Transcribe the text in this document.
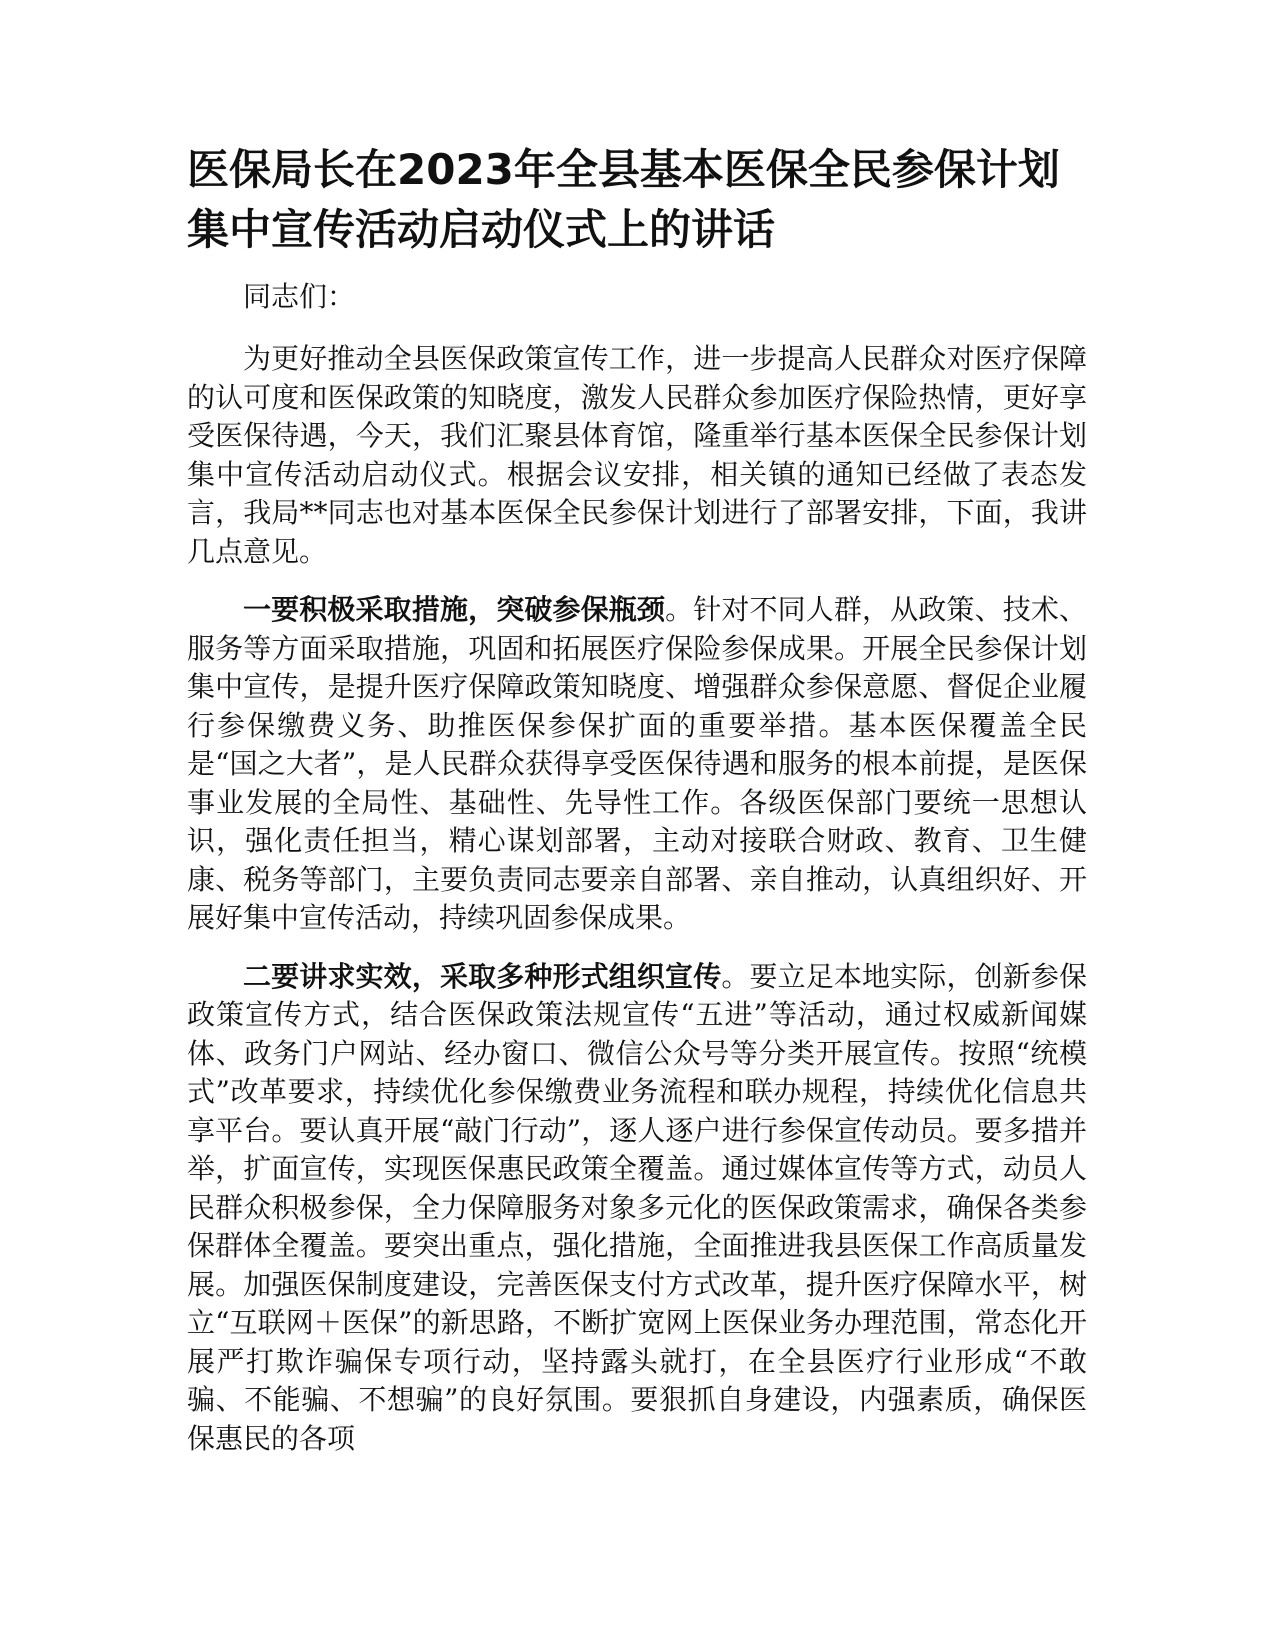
医保局长在2023年全县基本医保全民参保计划集中宣传活动启动仪式上的讲话

同志们：

为更好推动全县医保政策宣传工作，进一步提高人民群众对医疗保障的认可度和医保政策的知晓度，激发人民群众参加医疗保险热情，更好享受医保待遇，今天，我们汇聚县体育馆，隆重举行基本医保全民参保计划集中宣传活动启动仪式。根据会议安排，相关镇的通知已经做了表态发言，我局**同志也对基本医保全民参保计划进行了部署安排，下面，我讲几点意见。

一要积极采取措施，突破参保瓶颈。针对不同人群，从政策、技术、服务等方面采取措施，巩固和拓展医疗保险参保成果。开展全民参保计划集中宣传，是提升医疗保障政策知晓度、增强群众参保意愿、督促企业履行参保缴费义务、助推医保参保扩面的重要举措。基本医保覆盖全民是“国之大者”，是人民群众获得享受医保待遇和服务的根本前提，是医保事业发展的全局性、基础性、先导性工作。各级医保部门要统一思想认识，强化责任担当，精心谋划部署，主动对接联合财政、教育、卫生健康、税务等部门，主要负责同志要亲自部署、亲自推动，认真组织好、开展好集中宣传活动，持续巩固参保成果。

二要讲求实效，采取多种形式组织宣传。要立足本地实际，创新参保政策宣传方式，结合医保政策法规宣传“五进”等活动，通过权威新闻媒体、政务门户网站、经办窗口、微信公众号等分类开展宣传。按照“统模式”改革要求，持续优化参保缴费业务流程和联办规程，持续优化信息共享平台。要认真开展“敲门行动”，逐人逐户进行参保宣传动员。要多措并举，扩面宣传，实现医保惠民政策全覆盖。通过媒体宣传等方式，动员人民群众积极参保，全力保障服务对象多元化的医保政策需求，确保各类参保群体全覆盖。要突出重点，强化措施，全面推进我县医保工作高质量发展。加强医保制度建设，完善医保支付方式改革，提升医疗保障水平，树立“互联网＋医保”的新思路，不断扩宽网上医保业务办理范围，常态化开展严打欺诈骗保专项行动，坚持露头就打，在全县医疗行业形成“不敢骗、不能骗、不想骗”的良好氛围。要狠抓自身建设，内强素质，确保医保惠民的各项
